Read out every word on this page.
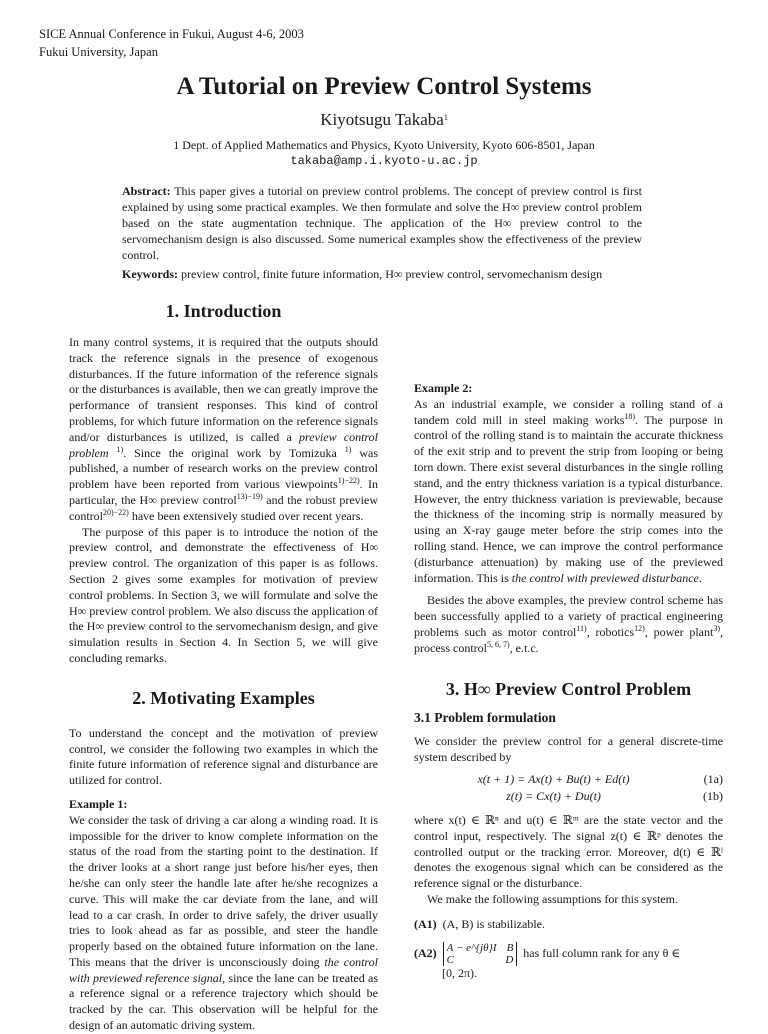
SICE Annual Conference in Fukui, August 4-6, 2003
Fukui University, Japan
A Tutorial on Preview Control Systems
Kiyotsugu Takaba$^1$
1 Dept. of Applied Mathematics and Physics, Kyoto University, Kyoto 606-8501, Japan
takaba@amp.i.kyoto-u.ac.jp
Abstract: This paper gives a tutorial on preview control problems. The concept of preview control is first explained by using some practical examples. We then formulate and solve the H∞ preview control problem based on the state augmentation technique. The application of the H∞ preview control to the servomechanism design is also discussed. Some numerical examples show the effectiveness of the preview control.
Keywords: preview control, finite future information, H∞ preview control, servomechanism design
1. Introduction

In many control systems, it is required that the outputs should track the reference signals in the presence of exogenous disturbances. If the future information of the reference signals or the disturbances is available, then we can greatly improve the performance of transient responses. This kind of control problems, for which future information on the reference signals and/or disturbances is utilized, is called a preview control problem $^{1)}$. Since the original work by Tomizuka $^{1)}$ was published, a number of research works on the preview control problem have been reported from various viewpoints$^{1)-22)}$. In particular, the H∞ preview control$^{13)-19)}$ and the robust preview control$^{20)-22)}$ have been extensively studied over recent years.

The purpose of this paper is to introduce the notion of the preview control, and demonstrate the effectiveness of H∞ preview control. The organization of this paper is as follows. Section 2 gives some examples for motivation of preview control problems. In Section 3, we will formulate and solve the H∞ preview control problem. We also discuss the application of the H∞ preview control to the servomechanism design, and give simulation results in Section 4. In Section 5, we will give concluding remarks.

2. Motivating Examples

To understand the concept and the motivation of preview control, we consider the following two examples in which the finite future information of reference signal and disturbance are utilized for control.

Example 1:

We consider the task of driving a car along a winding road. It is impossible for the driver to know complete information on the status of the road from the starting point to the destination. If the driver looks at a short range just before his/her eyes, then he/she can only steer the handle late after he/she recognizes a curve. This will make the car deviate from the lane, and will lead to a car crash. In order to drive safely, the driver usually tries to look ahead as far as possible, and steer the handle properly based on the obtained future information on the lane. This means that the driver is unconsciously doing the control with previewed reference signal, since the lane can be treated as a reference signal or a reference trajectory which should be tracked by the car. This observation will be helpful for the design of an automatic driving system.

Example 2:

As an industrial example, we consider a rolling stand of a tandem cold mill in steel making works$^{18)}$. The purpose in control of the rolling stand is to maintain the accurate thickness of the exit strip and to prevent the strip from looping or being torn down. There exist several disturbances in the single rolling stand, and the entry thickness variation is a typical disturbance. However, the entry thickness variation is previewable, because the thickness of the incoming strip is normally measured by using an X-ray gauge meter before the strip comes into the rolling stand. Hence, we can improve the control performance (disturbance attenuation) by making use of the previewed information. This is the control with previewed disturbance.

Besides the above examples, the preview control scheme has been successfully applied to a variety of practical engineering problems such as motor control$^{11)}$, robotics$^{12)}$, power plant$^{3)}$, process control$^{5, 6, 7)}$, e.t.c.

3. H∞ Preview Control Problem
3.1 Problem formulation

We consider the preview control for a general discrete-time system described by

x(t + 1) = Ax(t) + Bu(t) + Ed(t)	(1a)
z(t) = Cx(t) + Du(t)	(1b)

where x(t) ∈ ℝⁿ and u(t) ∈ ℝᵐ are the state vector and the control input, respectively. The signal z(t) ∈ ℝᵖ denotes the controlled output or the tracking error. Moreover, d(t) ∈ ℝˡ denotes the exogenous signal which can be considered as the reference signal or the disturbance.

We make the following assumptions for this system.

(A1) (A, B) is stabilizable.
(A2) A − e^{jθ}I B
C	D has full column rank for any θ ∈

[0, 2π).
